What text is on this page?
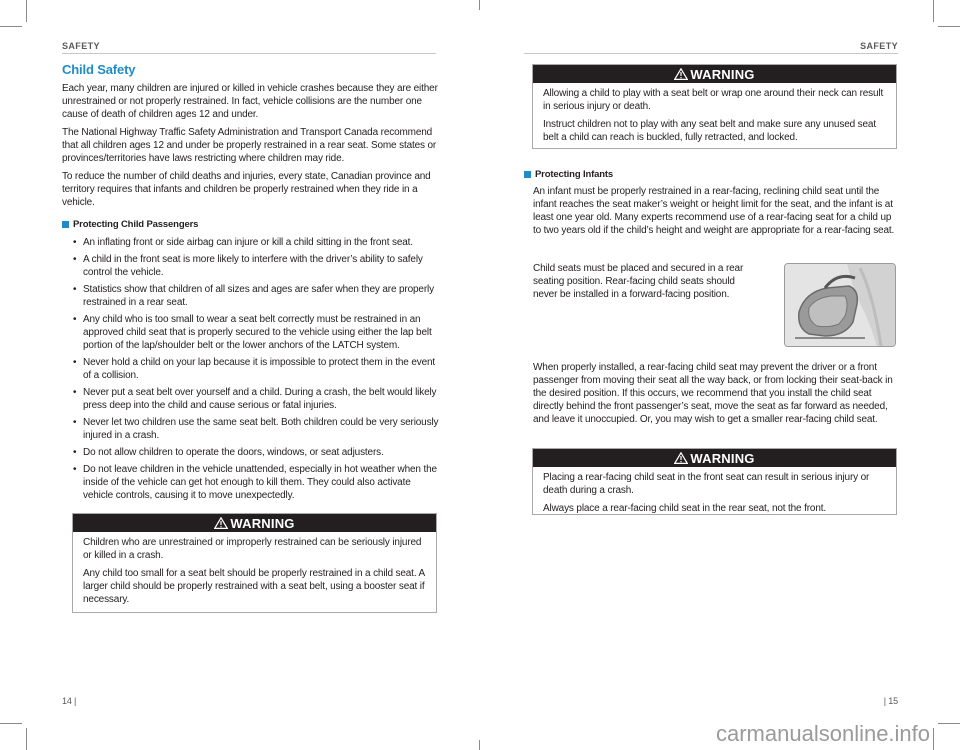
SAFETY	SAFETY
Child Safety

Each year, many children are injured or killed in vehicle crashes because they are either unrestrained or not properly restrained. In fact, vehicle collisions are the number one cause of death of children ages 12 and under.

The National Highway Traffic Safety Administration and Transport Canada recommend that all children ages 12 and under be properly restrained in a rear seat. Some states or provinces/territories have laws restricting where children may ride.

To reduce the number of child deaths and injuries, every state, Canadian province and territory requires that infants and children be properly restrained when they ride in a vehicle.

Protecting Child Passengers
• An inflating front or side airbag can injure or kill a child sitting in the front seat.
• A child in the front seat is more likely to interfere with the driver’s ability to safely control the vehicle.
• Statistics show that children of all sizes and ages are safer when they are properly restrained in a rear seat.
• Any child who is too small to wear a seat belt correctly must be restrained in an approved child seat that is properly secured to the vehicle using either the lap belt portion of the lap/shoulder belt or the lower anchors of the LATCH system.
• Never hold a child on your lap because it is impossible to protect them in the event of a collision.
• Never put a seat belt over yourself and a child. During a crash, the belt would likely press deep into the child and cause serious or fatal injuries.
• Never let two children use the same seat belt. Both children could be very seriously injured in a crash.
• Do not allow children to operate the doors, windows, or seat adjusters.
• Do not leave children in the vehicle unattended, especially in hot weather when the inside of the vehicle can get hot enough to kill them. They could also activate vehicle controls, causing it to move unexpectedly.
WARNING

Children who are unrestrained or improperly restrained can be seriously injured or killed in a crash.

Any child too small for a seat belt should be properly restrained in a child seat. A larger child should be properly restrained with a seat belt, using a booster seat if necessary.

14 |
WARNING

Allowing a child to play with a seat belt or wrap one around their neck can result in serious injury or death.

Instruct children not to play with any seat belt and make sure any unused seat belt a child can reach is buckled, fully retracted, and locked.

Protecting Infants

An infant must be properly restrained in a rear-facing, reclining child seat until the infant reaches the seat maker’s weight or height limit for the seat, and the infant is at least one year old. Many experts recommend use of a rear-facing seat for a child up to two years old if the child’s height and weight are appropriate for a rear-facing seat.

Child seats must be placed and secured in a rear seating position. Rear-facing child seats should never be installed in a forward-facing position.

When properly installed, a rear-facing child seat may prevent the driver or a front passenger from moving their seat all the way back, or from locking their seat-back in the desired position. If this occurs, we recommend that you install the child seat directly behind the front passenger’s seat, move the seat as far forward as needed, and leave it unoccupied. Or, you may wish to get a smaller rear-facing child seat.

WARNING

Placing a rear-facing child seat in the front seat can result in serious injury or death during a crash.

Always place a rear-facing child seat in the rear seat, not the front.

| 15
carmanualsonline.info
